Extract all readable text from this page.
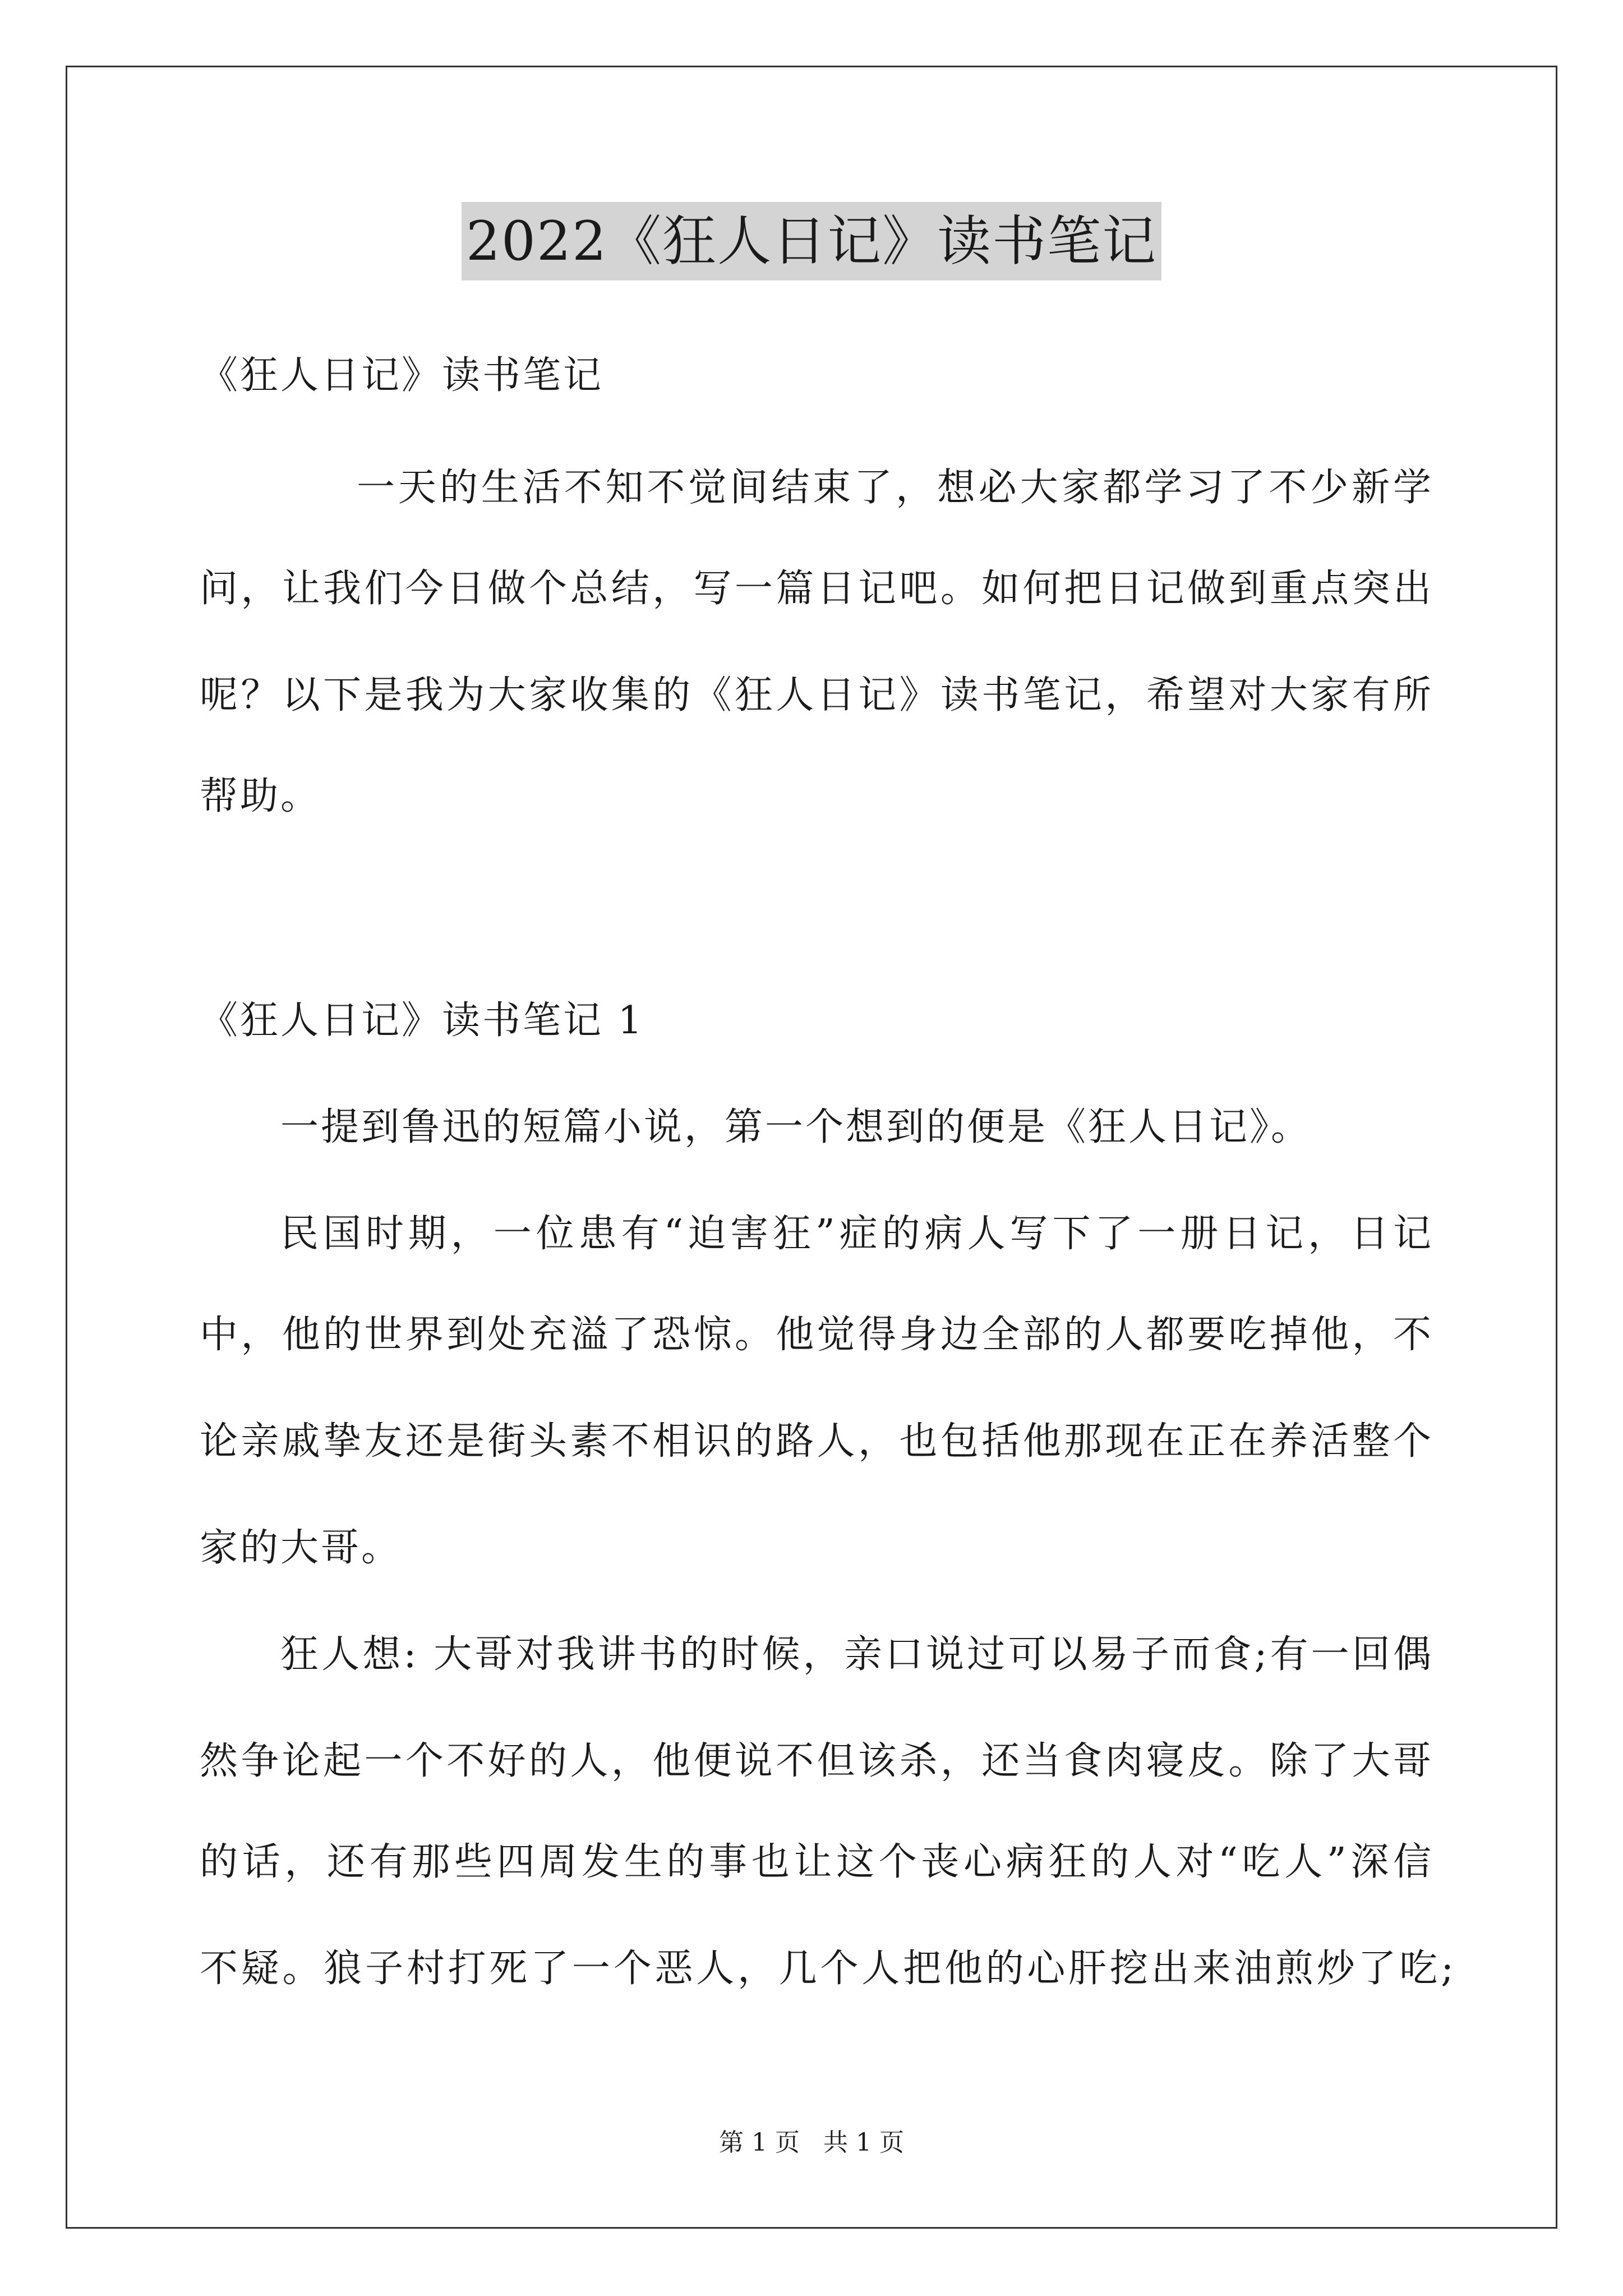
2022《狂人日记》读书笔记
《狂人日记》读书笔记
一天的生活不知不觉间结束了，想必大家都学习了不少新学
问，让我们今日做个总结，写一篇日记吧。如何把日记做到重点突出
呢？以下是我为大家收集的《狂人日记》读书笔记，希望对大家有所
帮助。
《狂人日记》读书笔记 1
一提到鲁迅的短篇小说，第一个想到的便是《狂人日记》。
民国时期，一位患有“迫害狂”症的病人写下了一册日记，日记
中，他的世界到处充溢了恐惊。他觉得身边全部的人都要吃掉他，不
论亲戚挚友还是街头素不相识的路人，也包括他那现在正在养活整个
家的大哥。
狂人想: 大哥对我讲书的时候，亲口说过可以易子而食;有一回偶
然争论起一个不好的人，他便说不但该杀，还当食肉寝皮。除了大哥
的话，还有那些四周发生的事也让这个丧心病狂的人对“吃人”深信
不疑。狼子村打死了一个恶人，几个人把他的心肝挖出来油煎炒了吃;
第 1 页 共 1 页
